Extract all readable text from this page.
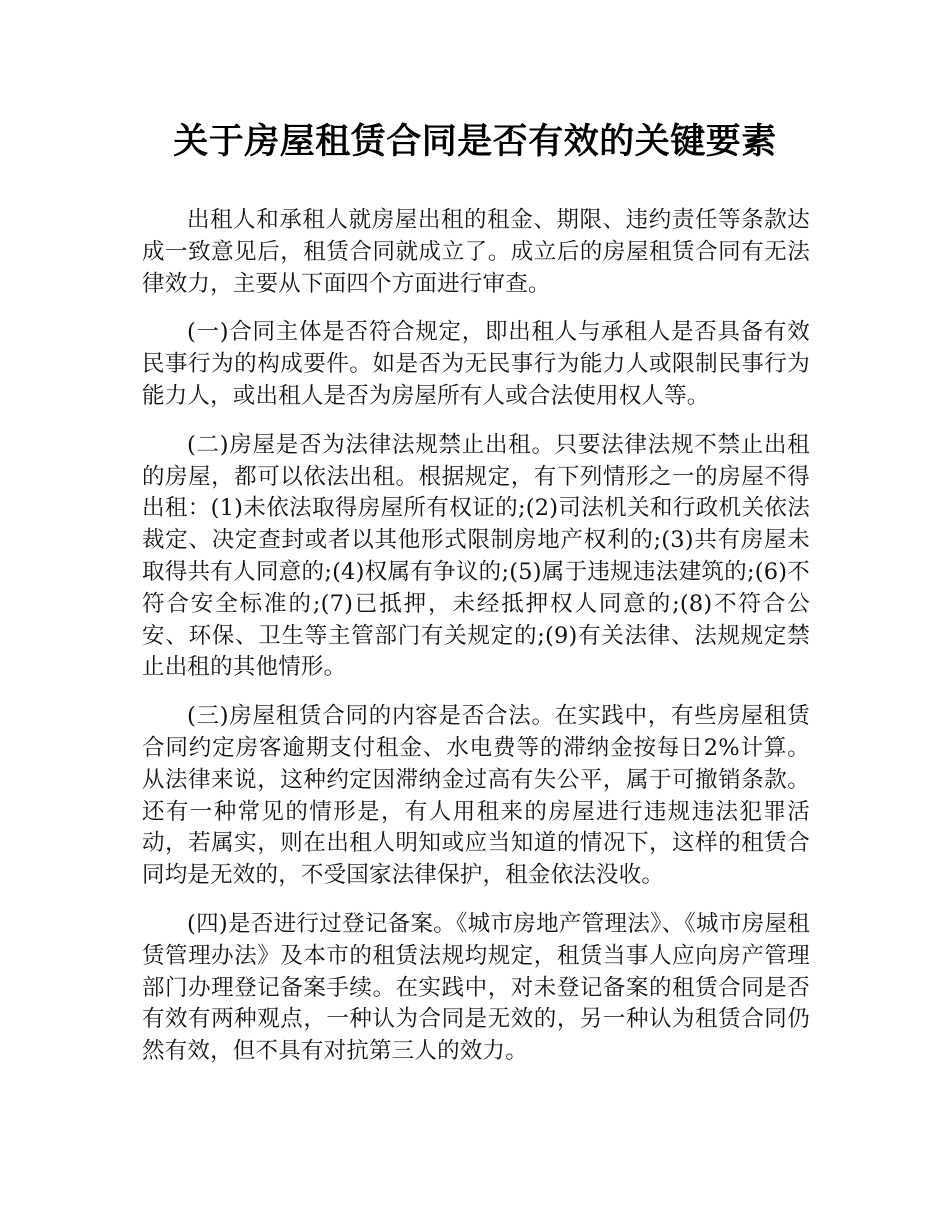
关于房屋租赁合同是否有效的关键要素

出租人和承租人就房屋出租的租金、期限、违约责任等条款达成一致意见后，租赁合同就成立了。成立后的房屋租赁合同有无法律效力，主要从下面四个方面进行审查。

(一)合同主体是否符合规定，即出租人与承租人是否具备有效民事行为的构成要件。如是否为无民事行为能力人或限制民事行为能力人，或出租人是否为房屋所有人或合法使用权人等。

(二)房屋是否为法律法规禁止出租。只要法律法规不禁止出租的房屋，都可以依法出租。根据规定，有下列情形之一的房屋不得出租：(1)未依法取得房屋所有权证的;(2)司法机关和行政机关依法裁定、决定查封或者以其他形式限制房地产权利的;(3)共有房屋未取得共有人同意的;(4)权属有争议的;(5)属于违规违法建筑的;(6)不符合安全标准的;(7)已抵押，未经抵押权人同意的;(8)不符合公安、环保、卫生等主管部门有关规定的;(9)有关法律、法规规定禁止出租的其他情形。

(三)房屋租赁合同的内容是否合法。在实践中，有些房屋租赁合同约定房客逾期支付租金、水电费等的滞纳金按每日2%计算。从法律来说，这种约定因滞纳金过高有失公平，属于可撤销条款。还有一种常见的情形是，有人用租来的房屋进行违规违法犯罪活动，若属实，则在出租人明知或应当知道的情况下，这样的租赁合同均是无效的，不受国家法律保护，租金依法没收。

(四)是否进行过登记备案。《城市房地产管理法》、《城市房屋租赁管理办法》及本市的租赁法规均规定，租赁当事人应向房产管理部门办理登记备案手续。在实践中，对未登记备案的租赁合同是否有效有两种观点，一种认为合同是无效的，另一种认为租赁合同仍然有效，但不具有对抗第三人的效力。
